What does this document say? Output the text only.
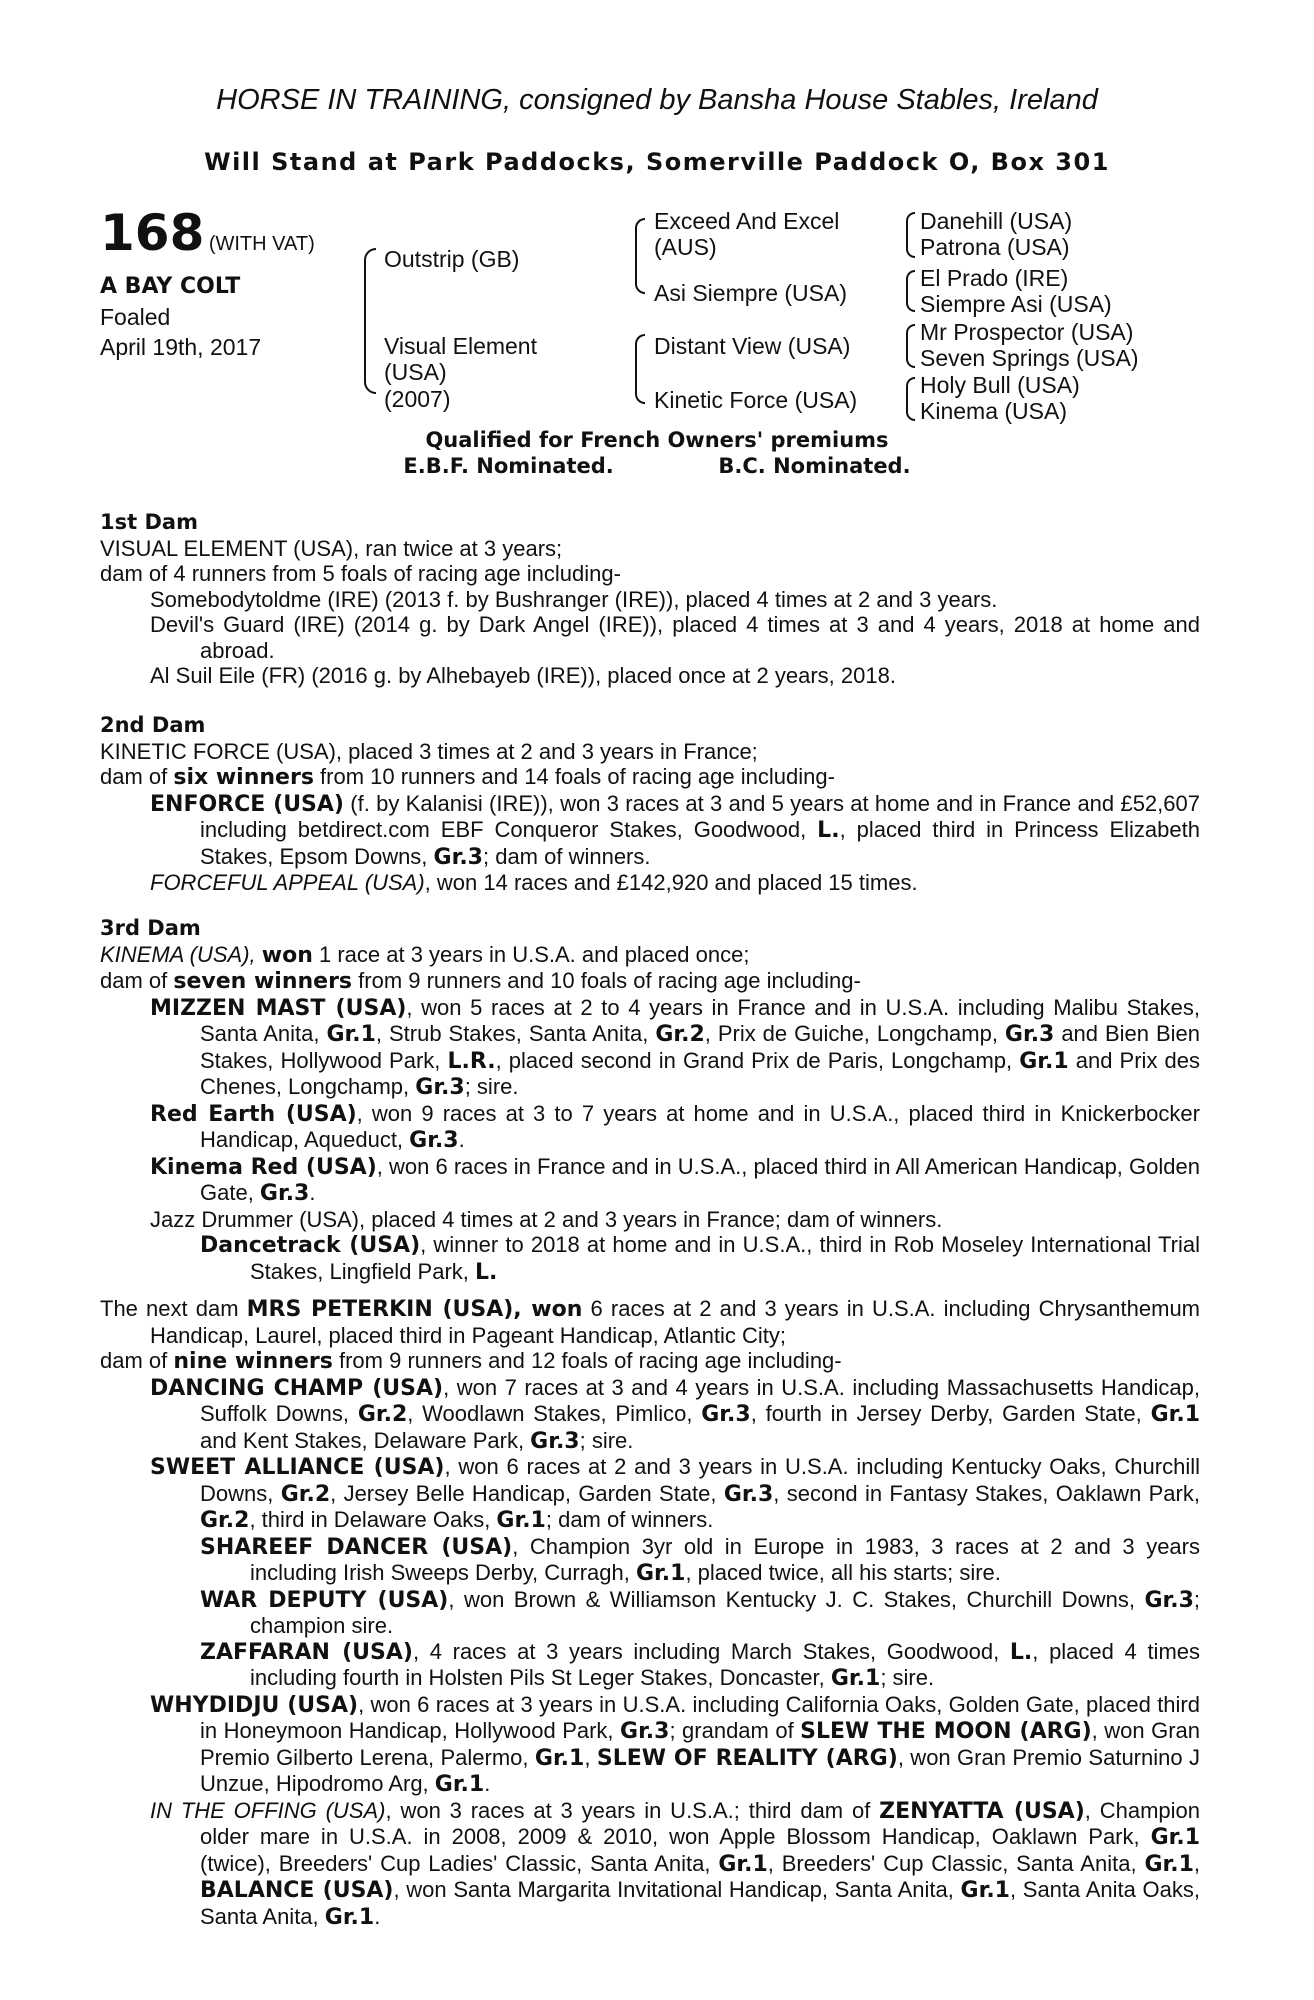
HORSE IN TRAINING, consigned by Bansha House Stables, Ireland
Will Stand at Park Paddocks, Somerville Paddock O, Box 301
168 (WITH VAT)
A BAY COLT
Foaled
April 19th, 2017
Outstrip (GB)
Visual Element
(USA)
(2007)
Exceed And Excel
(AUS)
Asi Siempre (USA)
Distant View (USA)
Kinetic Force (USA)
Danehill (USA)
Patrona (USA)
El Prado (IRE)
Siempre Asi (USA)
Mr Prospector (USA)
Seven Springs (USA)
Holy Bull (USA)
Kinema (USA)
Qualified for French Owners' premiums
E.B.F. Nominated.	B.C. Nominated.
1st Dam

VISUAL ELEMENT (USA), ran twice at 3 years;

dam of 4 runners from 5 foals of racing age including-

Somebodytoldme (IRE) (2013 f. by Bushranger (IRE)), placed 4 times at 2 and 3 years.

Devil's Guard (IRE) (2014 g. by Dark Angel (IRE)), placed 4 times at 3 and 4 years, 2018 at home and abroad.

Al Suil Eile (FR) (2016 g. by Alhebayeb (IRE)), placed once at 2 years, 2018.

2nd Dam

KINETIC FORCE (USA), placed 3 times at 2 and 3 years in France;

dam of six winners from 10 runners and 14 foals of racing age including-

ENFORCE (USA) (f. by Kalanisi (IRE)), won 3 races at 3 and 5 years at home and in France and £52,607 including betdirect.com EBF Conqueror Stakes, Goodwood, L., placed third in Princess Elizabeth Stakes, Epsom Downs, Gr.3; dam of winners.

FORCEFUL APPEAL (USA), won 14 races and £142,920 and placed 15 times.

3rd Dam

KINEMA (USA), won 1 race at 3 years in U.S.A. and placed once;

dam of seven winners from 9 runners and 10 foals of racing age including-

MIZZEN MAST (USA), won 5 races at 2 to 4 years in France and in U.S.A. including Malibu Stakes, Santa Anita, Gr.1, Strub Stakes, Santa Anita, Gr.2, Prix de Guiche, Longchamp, Gr.3 and Bien Bien Stakes, Hollywood Park, L.R., placed second in Grand Prix de Paris, Longchamp, Gr.1 and Prix des Chenes, Longchamp, Gr.3; sire.

Red Earth (USA), won 9 races at 3 to 7 years at home and in U.S.A., placed third in Knickerbocker Handicap, Aqueduct, Gr.3.

Kinema Red (USA), won 6 races in France and in U.S.A., placed third in All American Handicap, Golden Gate, Gr.3.

Jazz Drummer (USA), placed 4 times at 2 and 3 years in France; dam of winners.

Dancetrack (USA), winner to 2018 at home and in U.S.A., third in Rob Moseley International Trial Stakes, Lingfield Park, L.

The next dam MRS PETERKIN (USA), won 6 races at 2 and 3 years in U.S.A. including Chrysanthemum Handicap, Laurel, placed third in Pageant Handicap, Atlantic City;

dam of nine winners from 9 runners and 12 foals of racing age including-

DANCING CHAMP (USA), won 7 races at 3 and 4 years in U.S.A. including Massachusetts Handicap, Suffolk Downs, Gr.2, Woodlawn Stakes, Pimlico, Gr.3, fourth in Jersey Derby, Garden State, Gr.1 and Kent Stakes, Delaware Park, Gr.3; sire.

SWEET ALLIANCE (USA), won 6 races at 2 and 3 years in U.S.A. including Kentucky Oaks, Churchill Downs, Gr.2, Jersey Belle Handicap, Garden State, Gr.3, second in Fantasy Stakes, Oaklawn Park, Gr.2, third in Delaware Oaks, Gr.1; dam of winners.

SHAREEF DANCER (USA), Champion 3yr old in Europe in 1983, 3 races at 2 and 3 years including Irish Sweeps Derby, Curragh, Gr.1, placed twice, all his starts; sire.

WAR DEPUTY (USA), won Brown & Williamson Kentucky J. C. Stakes, Churchill Downs, Gr.3; champion sire.

ZAFFARAN (USA), 4 races at 3 years including March Stakes, Goodwood, L., placed 4 times including fourth in Holsten Pils St Leger Stakes, Doncaster, Gr.1; sire.

WHYDIDJU (USA), won 6 races at 3 years in U.S.A. including California Oaks, Golden Gate, placed third in Honeymoon Handicap, Hollywood Park, Gr.3; grandam of SLEW THE MOON (ARG), won Gran Premio Gilberto Lerena, Palermo, Gr.1, SLEW OF REALITY (ARG), won Gran Premio Saturnino J Unzue, Hipodromo Arg, Gr.1.

IN THE OFFING (USA), won 3 races at 3 years in U.S.A.; third dam of ZENYATTA (USA), Champion older mare in U.S.A. in 2008, 2009 & 2010, won Apple Blossom Handicap, Oaklawn Park, Gr.1 (twice), Breeders' Cup Ladies' Classic, Santa Anita, Gr.1, Breeders' Cup Classic, Santa Anita, Gr.1, BALANCE (USA), won Santa Margarita Invitational Handicap, Santa Anita, Gr.1, Santa Anita Oaks, Santa Anita, Gr.1.
